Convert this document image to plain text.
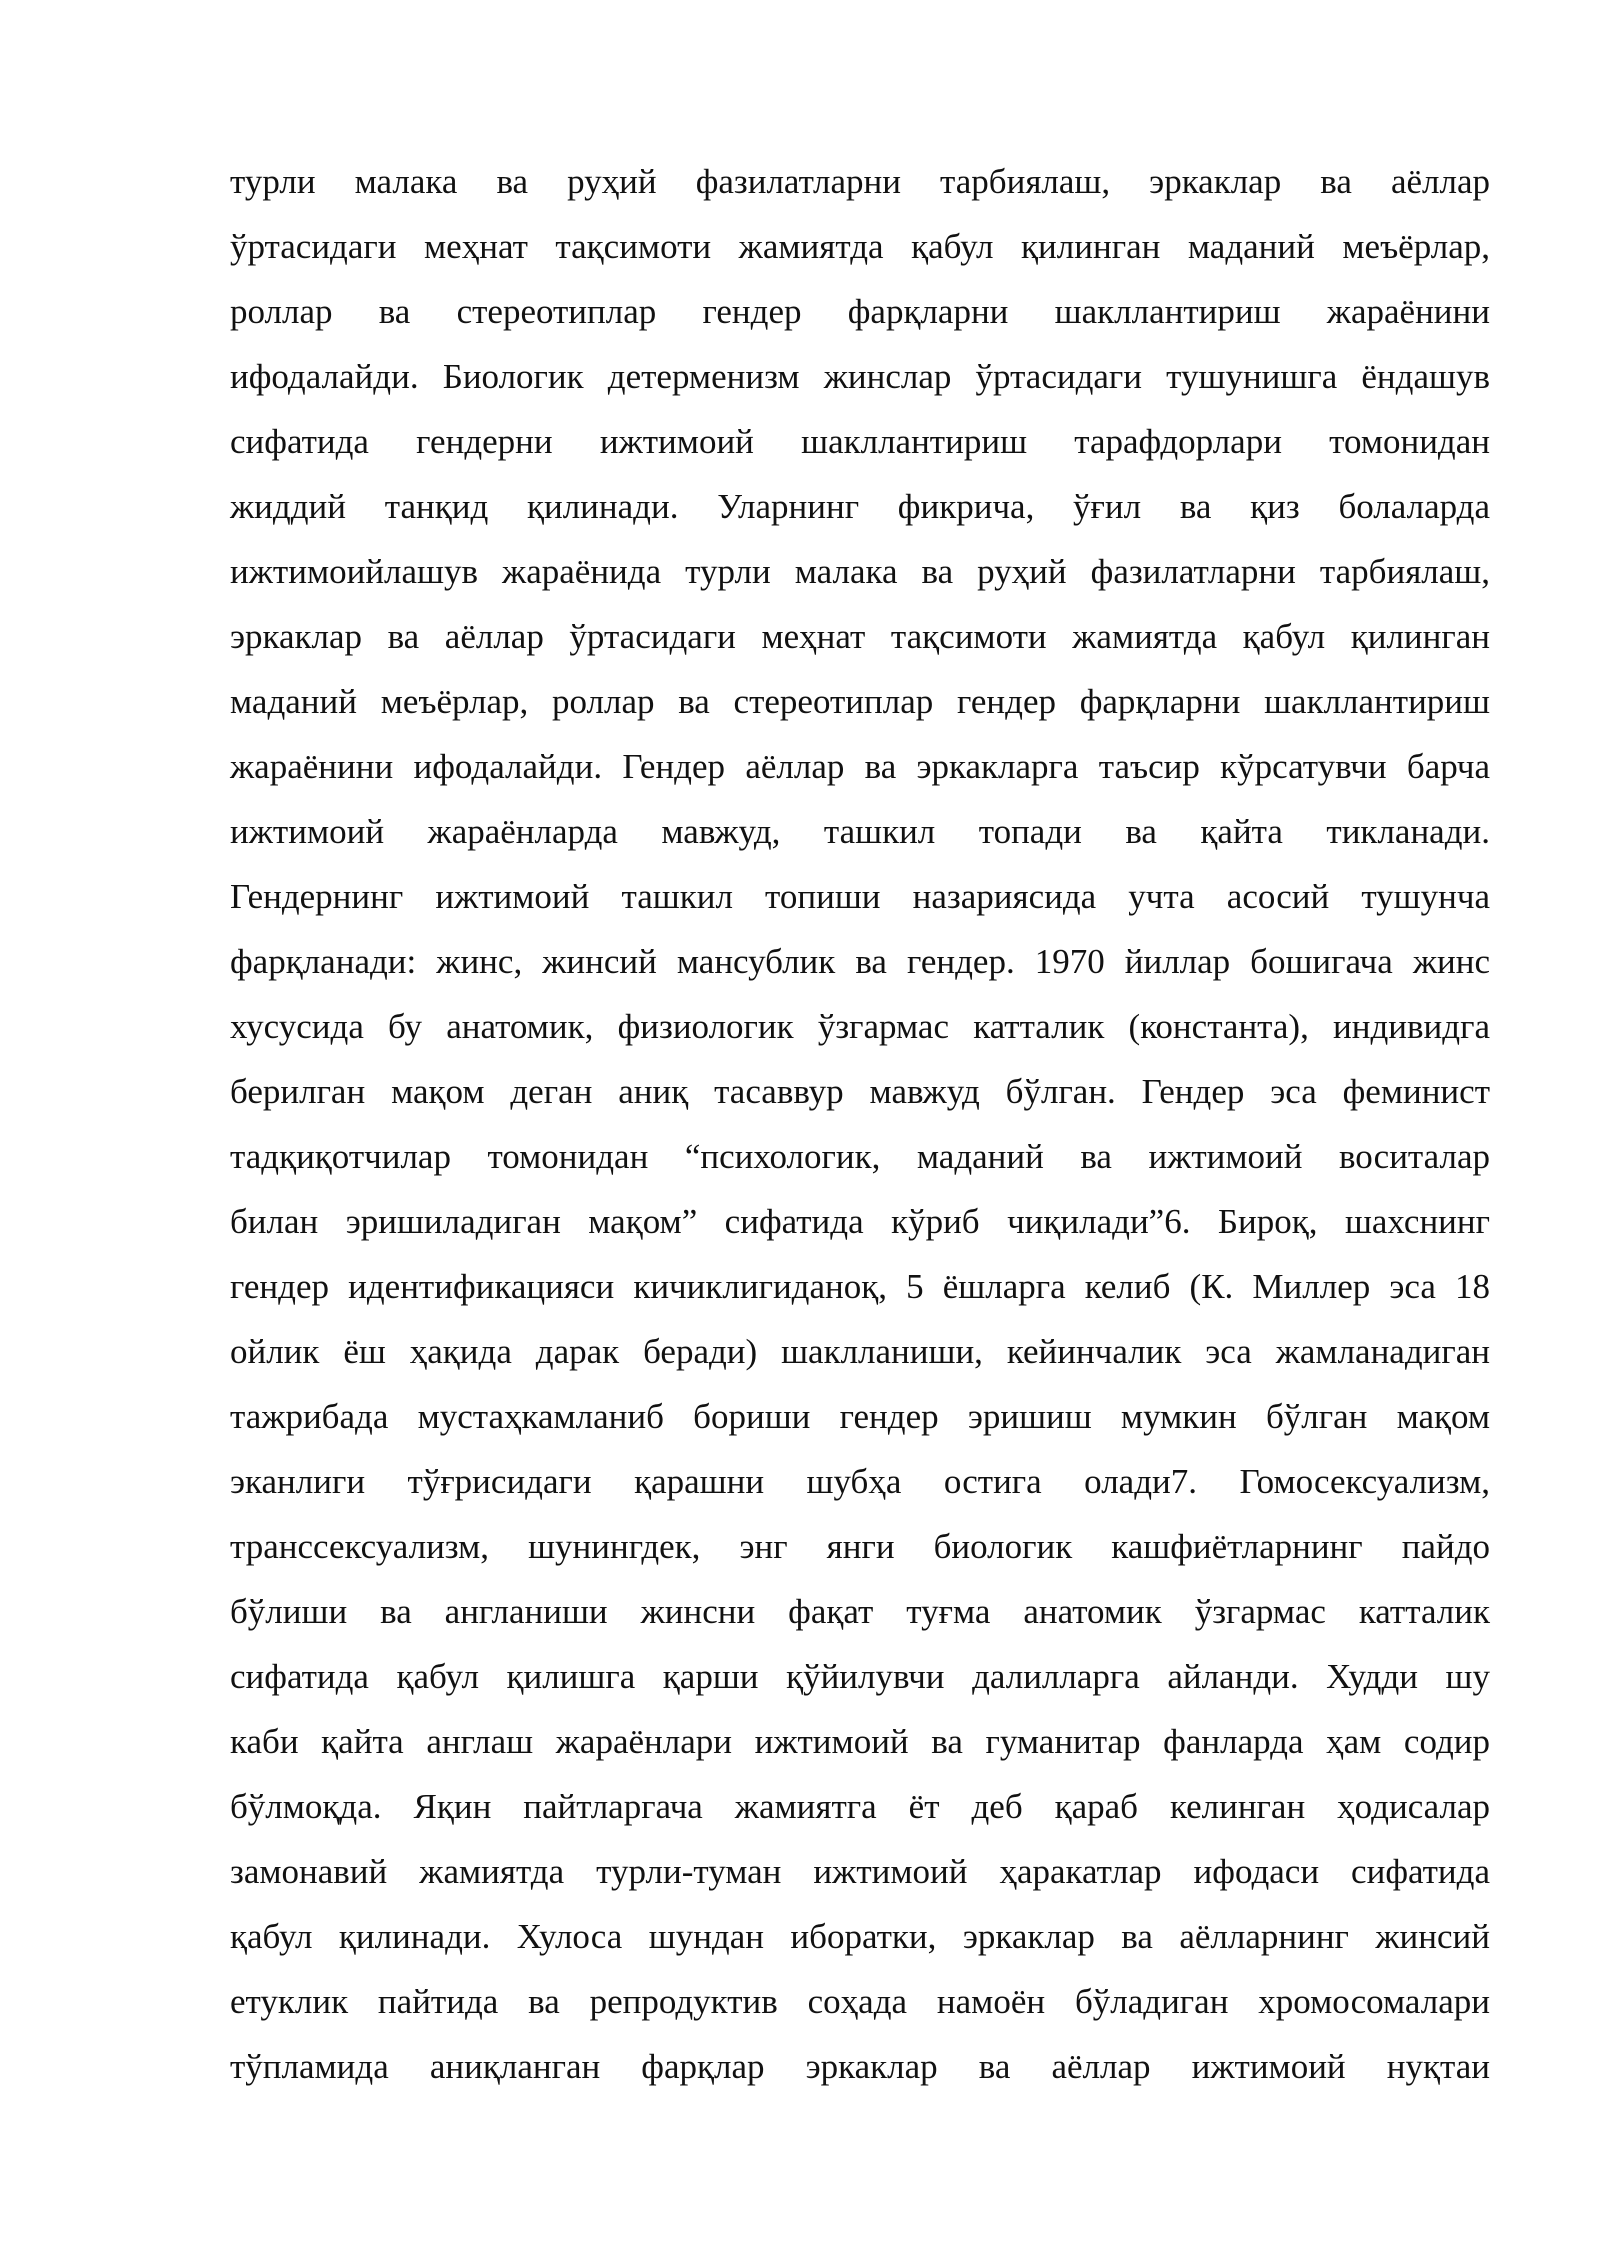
турли малака ва руҳий фазилатларни тарбиялаш, эркаклар ва аёллар
ўртасидаги меҳнат тақсимоти жамиятда қабул қилинган маданий меъёрлар,
роллар ва стереотиплар гендер фарқларни шакллантириш жараёнини
ифодалайди. Биологик детерменизм жинслар ўртасидаги тушунишга ёндашув
сифатида гендерни ижтимоий шакллантириш тарафдорлари томонидан
жиддий танқид қилинади. Уларнинг фикрича, ўғил ва қиз болаларда
ижтимоийлашув жараёнида турли малака ва руҳий фазилатларни тарбиялаш,
эркаклар ва аёллар ўртасидаги меҳнат тақсимоти жамиятда қабул қилинган
маданий меъёрлар, роллар ва стереотиплар гендер фарқларни шакллантириш
жараёнини ифодалайди. Гендер аёллар ва эркакларга таъсир кўрсатувчи барча
ижтимоий жараёнларда мавжуд, ташкил топади ва қайта тикланади.
Гендернинг ижтимоий ташкил топиши назариясида учта асосий тушунча
фарқланади: жинс, жинсий мансублик ва гендер. 1970 йиллар бошигача жинс
хусусида бу анатомик, физиологик ўзгармас катталик (константа), индивидга
берилган мақом деган аниқ тасаввур мавжуд бўлган. Гендер эса феминист
тадқиқотчилар томонидан “психологик, маданий ва ижтимоий воситалар
билан эришиладиган мақом” сифатида кўриб чиқилади”6. Бироқ, шахснинг
гендер идентификацияси кичиклигиданоқ, 5 ёшларга келиб (К. Миллер эса 18
ойлик ёш ҳақида дарак беради) шаклланиши, кейинчалик эса жамланадиган
тажрибада мустаҳкамланиб бориши гендер эришиш мумкин бўлган мақом
эканлиги тўғрисидаги қарашни шубҳа остига олади7. Гомосексуализм,
транссексуализм, шунингдек, энг янги биологик кашфиётларнинг пайдо
бўлиши ва англаниши жинсни фақат туғма анатомик ўзгармас катталик
сифатида қабул қилишга қарши қўйилувчи далилларга айланди. Худди шу
каби қайта англаш жараёнлари ижтимоий ва гуманитар фанларда ҳам содир
бўлмоқда. Яқин пайтларгача жамиятга ёт деб қараб келинган ҳодисалар
замонавий жамиятда турли-туман ижтимоий ҳаракатлар ифодаси сифатида
қабул қилинади. Хулоса шундан иборатки, эркаклар ва аёлларнинг жинсий
етуклик пайтида ва репродуктив соҳада намоён бўладиган хромосомалари
тўпламида аниқланган фарқлар эркаклар ва аёллар ижтимоий нуқтаи
